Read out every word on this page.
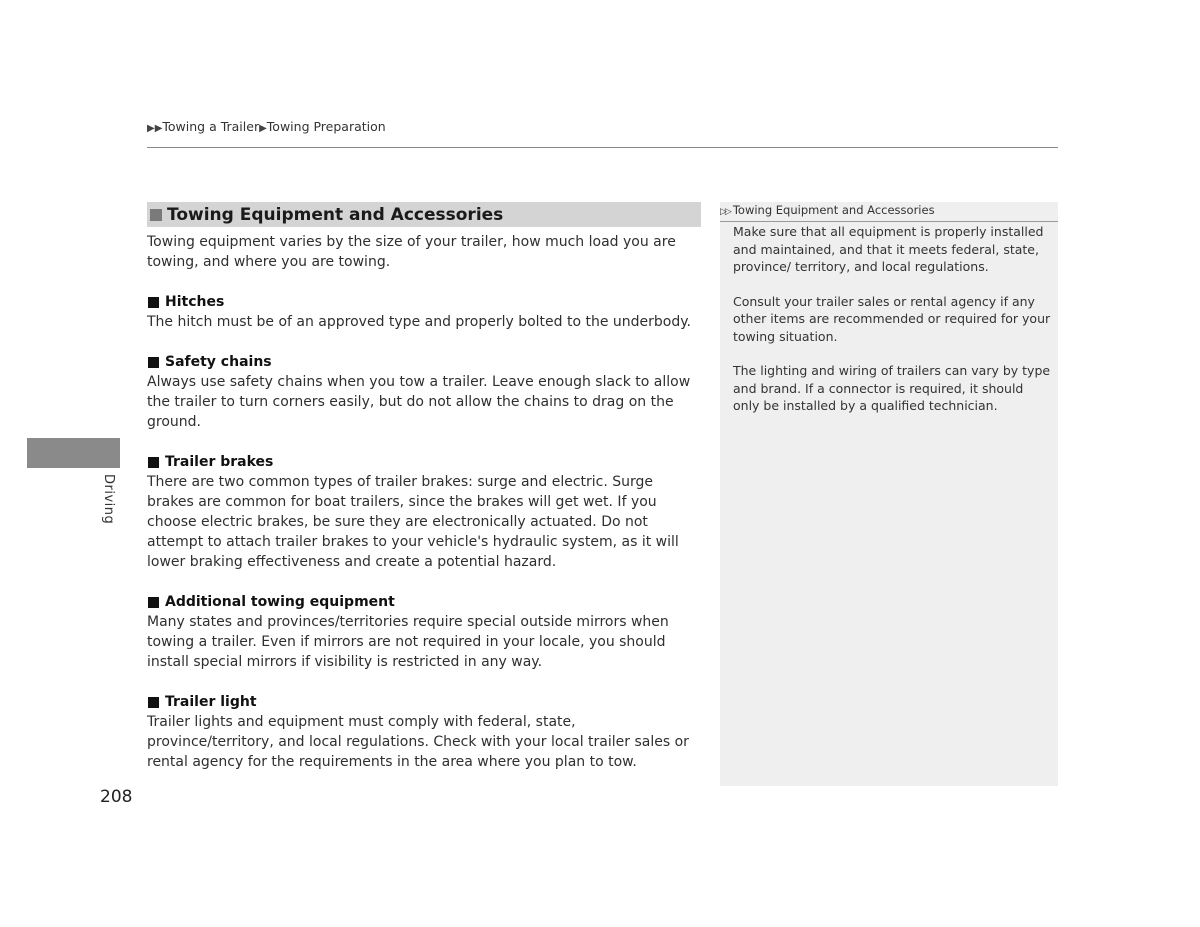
▶▶Towing a Trailer▶Towing Preparation
Towing Equipment and Accessories

Towing equipment varies by the size of your trailer, how much load you are towing, and where you are towing.

Hitches

The hitch must be of an approved type and properly bolted to the underbody.

Safety chains

Always use safety chains when you tow a trailer. Leave enough slack to allow the trailer to turn corners easily, but do not allow the chains to drag on the ground.

Trailer brakes

There are two common types of trailer brakes: surge and electric. Surge brakes are common for boat trailers, since the brakes will get wet. If you choose electric brakes, be sure they are electronically actuated. Do not attempt to attach trailer brakes to your vehicle's hydraulic system, as it will lower braking effectiveness and create a potential hazard.

Additional towing equipment

Many states and provinces/territories require special outside mirrors when towing a trailer. Even if mirrors are not required in your locale, you should install special mirrors if visibility is restricted in any way.

Trailer light

Trailer lights and equipment must comply with federal, state, province/territory, and local regulations. Check with your local trailer sales or rental agency for the requirements in the area where you plan to tow.

▷▷ Towing Equipment and Accessories

Make sure that all equipment is properly installed and maintained, and that it meets federal, state, province/ territory, and local regulations.

Consult your trailer sales or rental agency if any other items are recommended or required for your towing situation.

The lighting and wiring of trailers can vary by type and brand. If a connector is required, it should only be installed by a qualified technician.

Driving
208
